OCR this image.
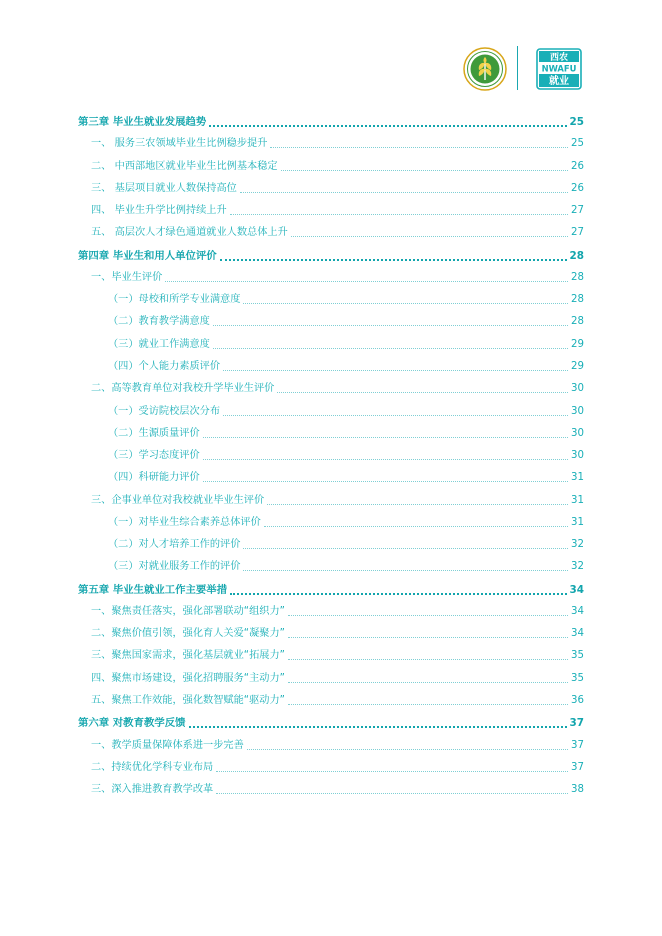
西农
NWAFU
就业
第三章 毕业生就业发展趋势	25
一、 服务三农领域毕业生比例稳步提升	25
二、 中西部地区就业毕业生比例基本稳定	26
三、 基层项目就业人数保持高位	26
四、 毕业生升学比例持续上升	27
五、 高层次人才绿色通道就业人数总体上升	27
第四章 毕业生和用人单位评价	28
一、毕业生评价	28
（一）母校和所学专业满意度	28
（二）教育教学满意度	28
（三）就业工作满意度	29
（四）个人能力素质评价	29
二、高等教育单位对我校升学毕业生评价	30
（一）受访院校层次分布	30
（二）生源质量评价	30
（三）学习态度评价	30
（四）科研能力评价	31
三、企事业单位对我校就业毕业生评价	31
（一）对毕业生综合素养总体评价	31
（二）对人才培养工作的评价	32
（三）对就业服务工作的评价	32
第五章 毕业生就业工作主要举措	34
一、聚焦责任落实，强化部署联动“组织力”	34
二、聚焦价值引领，强化育人关爱“凝聚力”	34
三、聚焦国家需求，强化基层就业“拓展力”	35
四、聚焦市场建设，强化招聘服务“主动力”	35
五、聚焦工作效能，强化数智赋能“驱动力”	36
第六章 对教育教学反馈	37
一、教学质量保障体系进一步完善	37
二、持续优化学科专业布局	37
三、深入推进教育教学改革	38
